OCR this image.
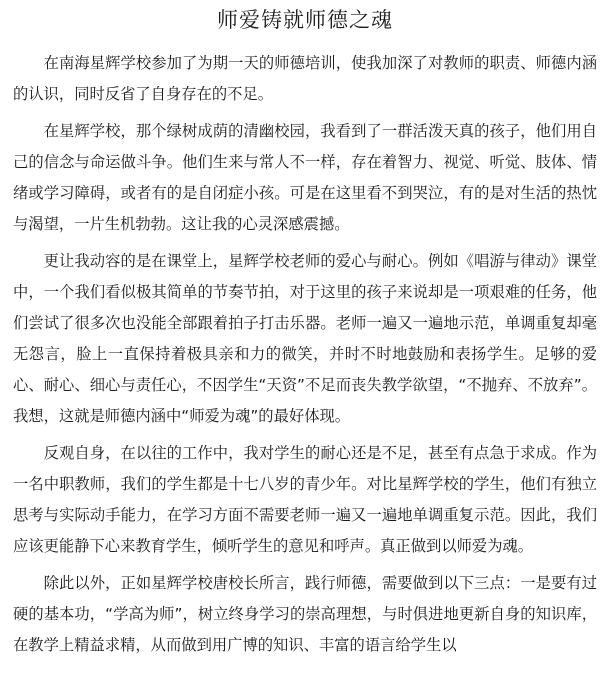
师爱铸就师德之魂

在南海星辉学校参加了为期一天的师德培训，使我加深了对教师的职责、师德内涵的认识，同时反省了自身存在的不足。

在星辉学校，那个绿树成荫的清幽校园，我看到了一群活泼天真的孩子，他们用自己的信念与命运做斗争。他们生来与常人不一样，存在着智力、视觉、听觉、肢体、情绪或学习障碍，或者有的是自闭症小孩。可是在这里看不到哭泣，有的是对生活的热忱与渴望，一片生机勃勃。这让我的心灵深感震撼。

更让我动容的是在课堂上，星辉学校老师的爱心与耐心。例如《唱游与律动》课堂中，一个我们看似极其简单的节奏节拍，对于这里的孩子来说却是一项艰难的任务，他们尝试了很多次也没能全部跟着拍子打击乐器。老师一遍又一遍地示范，单调重复却毫无怨言，脸上一直保持着极具亲和力的微笑，并时不时地鼓励和表扬学生。足够的爱心、耐心、细心与责任心，不因学生“天资”不足而丧失教学欲望，“不抛弃、不放弃”。我想，这就是师德内涵中“师爱为魂”的最好体现。

反观自身，在以往的工作中，我对学生的耐心还是不足，甚至有点急于求成。作为一名中职教师，我们的学生都是十七八岁的青少年。对比星辉学校的学生，他们有独立思考与实际动手能力，在学习方面不需要老师一遍又一遍地单调重复示范。因此，我们应该更能静下心来教育学生，倾听学生的意见和呼声。真正做到以师爱为魂。

除此以外，正如星辉学校唐校长所言，践行师德，需要做到以下三点：一是要有过硬的基本功，“学高为师”，树立终身学习的崇高理想，与时俱进地更新自身的知识库，在教学上精益求精，从而做到用广博的知识、丰富的语言给学生以
